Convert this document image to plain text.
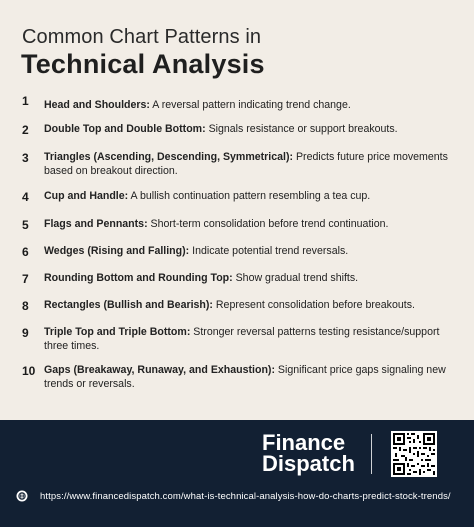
Common Chart Patterns in
Technical Analysis
1	Head and Shoulders: A reversal pattern indicating trend change.
2	Double Top and Double Bottom: Signals resistance or support breakouts.
3	Triangles (Ascending, Descending, Symmetrical): Predicts future price movements based on breakout direction.
4	Cup and Handle: A bullish continuation pattern resembling a tea cup.
5	Flags and Pennants: Short-term consolidation before trend continuation.
6	Wedges (Rising and Falling): Indicate potential trend reversals.
7	Rounding Bottom and Rounding Top: Show gradual trend shifts.
8	Rectangles (Bullish and Bearish): Represent consolidation before breakouts.
9	Triple Top and Triple Bottom: Stronger reversal patterns testing resistance/support three times.
10 Gaps (Breakaway, Runaway, and Exhaustion): Significant price gaps signaling new trends or reversals.
Finance
Dispatch
https://www.financedispatch.com/what-is-technical-analysis-how-do-charts-predict-stock-trends/
